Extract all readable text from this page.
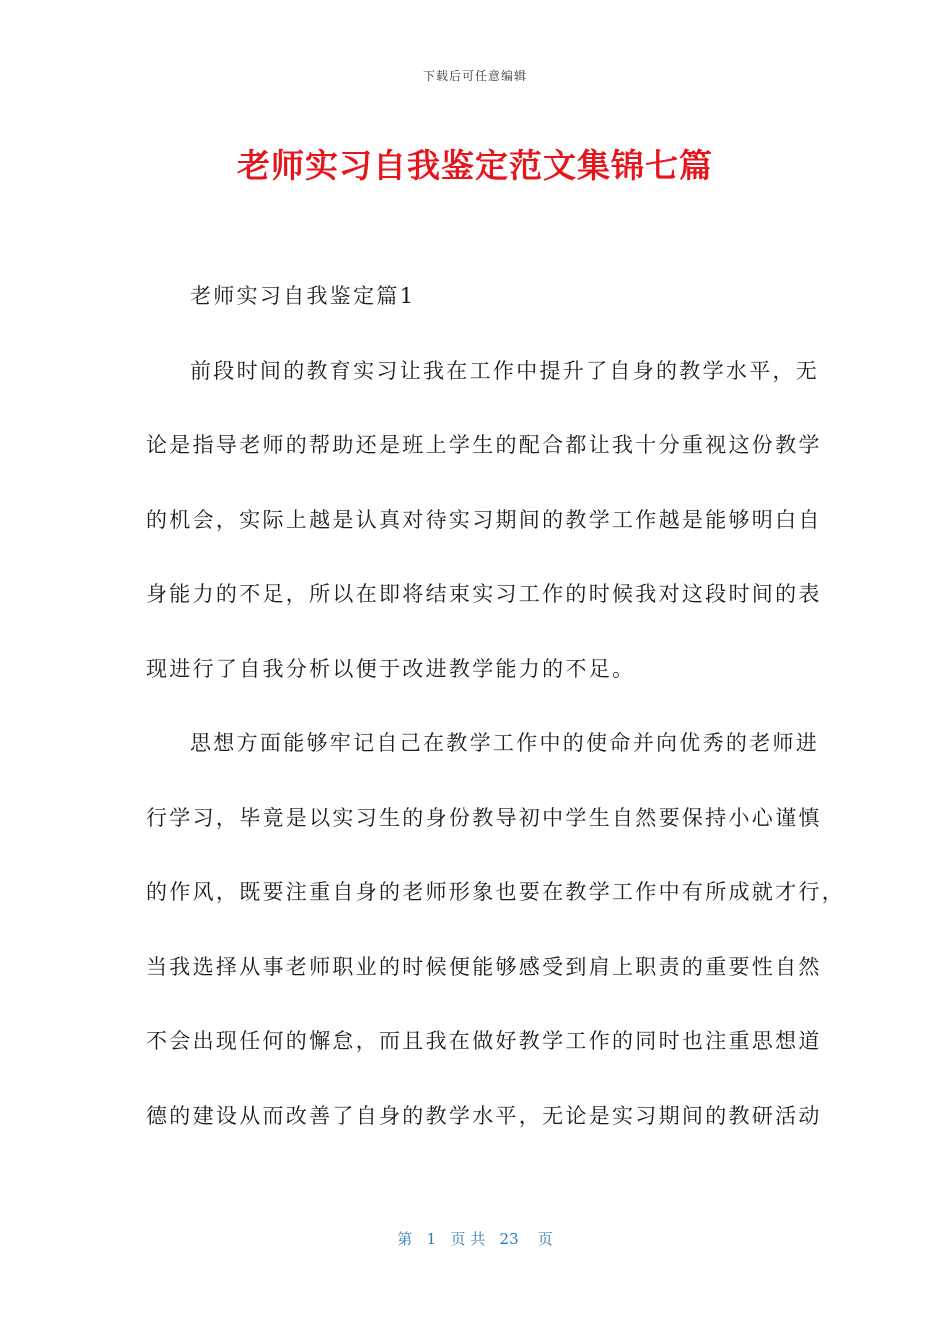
下载后可任意编辑
老师实习自我鉴定范文集锦七篇
老师实习自我鉴定篇1
前段时间的教育实习让我在工作中提升了自身的教学水平，无
论是指导老师的帮助还是班上学生的配合都让我十分重视这份教学
的机会，实际上越是认真对待实习期间的教学工作越是能够明白自
身能力的不足，所以在即将结束实习工作的时候我对这段时间的表
现进行了自我分析以便于改进教学能力的不足。
思想方面能够牢记自己在教学工作中的使命并向优秀的老师进
行学习，毕竟是以实习生的身份教导初中学生自然要保持小心谨慎
的作风，既要注重自身的老师形象也要在教学工作中有所成就才行，
当我选择从事老师职业的时候便能够感受到肩上职责的重要性自然
不会出现任何的懈怠，而且我在做好教学工作的同时也注重思想道
德的建设从而改善了自身的教学水平，无论是实习期间的教研活动
第 1 页 共 23 页
